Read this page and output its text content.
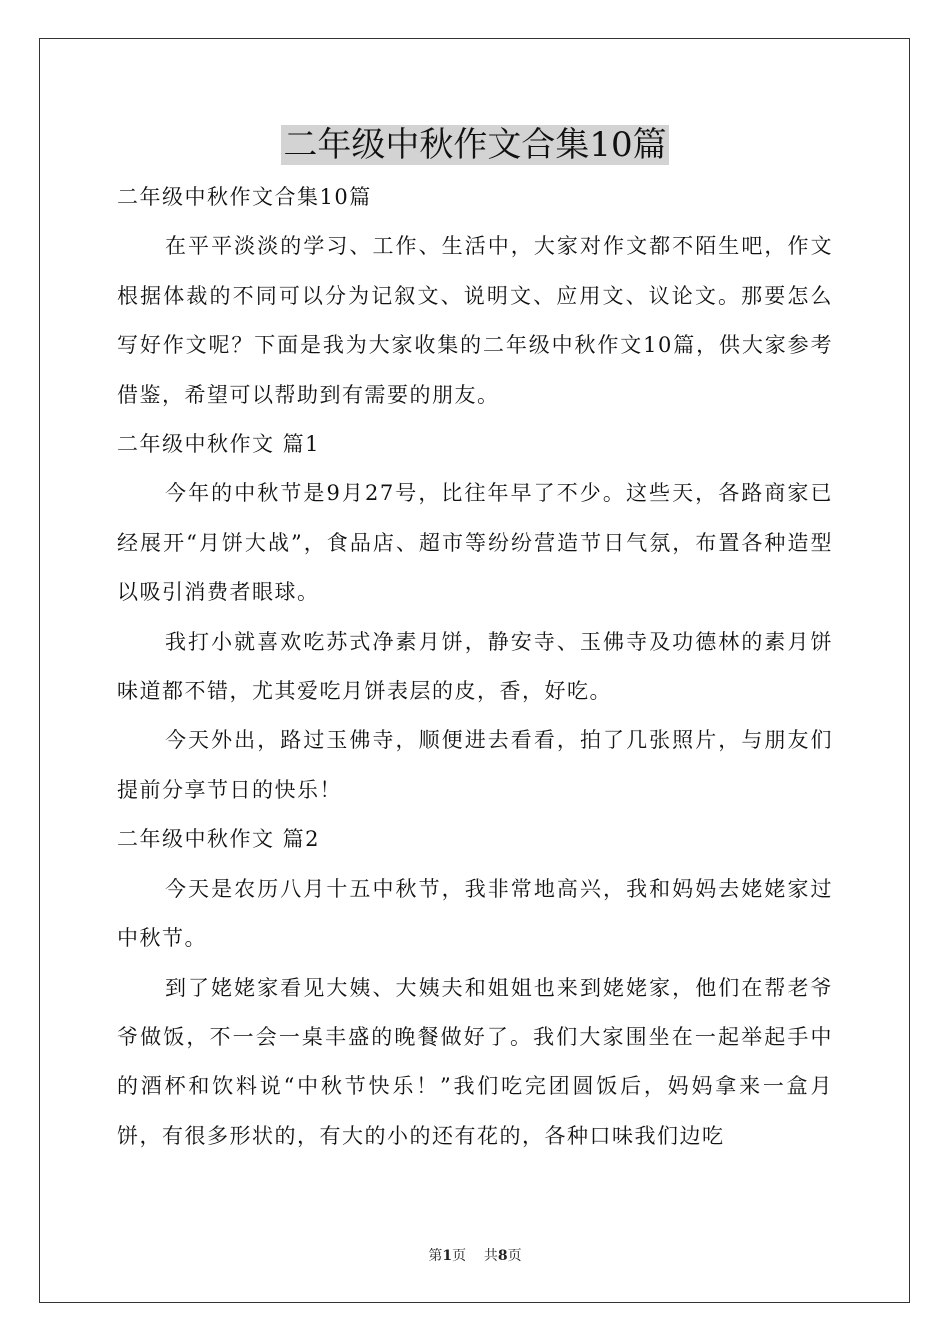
二年级中秋作文合集10篇

二年级中秋作文合集10篇

在平平淡淡的学习、工作、生活中，大家对作文都不陌生吧，作文根据体裁的不同可以分为记叙文、说明文、应用文、议论文。那要怎么写好作文呢？下面是我为大家收集的二年级中秋作文10篇，供大家参考借鉴，希望可以帮助到有需要的朋友。

二年级中秋作文 篇1

今年的中秋节是9月27号，比往年早了不少。这些天，各路商家已经展开“月饼大战”，食品店、超市等纷纷营造节日气氛，布置各种造型以吸引消费者眼球。

我打小就喜欢吃苏式净素月饼，静安寺、玉佛寺及功德林的素月饼味道都不错，尤其爱吃月饼表层的皮，香，好吃。

今天外出，路过玉佛寺，顺便进去看看，拍了几张照片，与朋友们提前分享节日的快乐！

二年级中秋作文 篇2

今天是农历八月十五中秋节，我非常地高兴，我和妈妈去姥姥家过中秋节。

到了姥姥家看见大姨、大姨夫和姐姐也来到姥姥家，他们在帮老爷爷做饭，不一会一桌丰盛的晚餐做好了。我们大家围坐在一起举起手中的酒杯和饮料说“中秋节快乐！”我们吃完团圆饭后，妈妈拿来一盒月饼，有很多形状的，有大的小的还有花的，各种口味我们边吃

第1页 共8页
